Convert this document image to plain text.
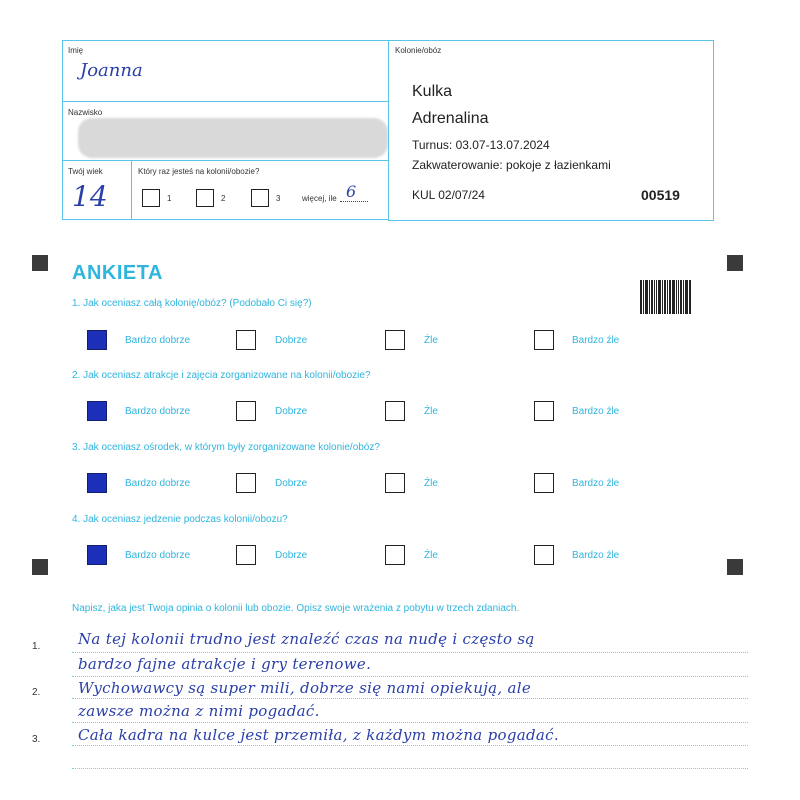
Imię
Joanna
Nazwisko
Twój wiek
14
Który raz jesteś na kolonii/obozie?
1	2	3	więcej, ile 6
Kolonie/obóz
Kulka
Adrenalina
Turnus: 03.07-13.07.2024
Zakwaterowanie: pokoje z łazienkami
KUL 02/07/24	00519
ANKIETA
1. Jak oceniasz całą kolonię/obóz? (Podobało Ci się?)
Bardzo dobrze	Dobrze	Źle	Bardzo źle
2. Jak oceniasz atrakcje i zajęcia zorganizowane na kolonii/obozie?
Bardzo dobrze	Dobrze	Źle	Bardzo źle
3. Jak oceniasz ośrodek, w którym były zorganizowane kolonie/obóz?
Bardzo dobrze	Dobrze	Źle	Bardzo źle
4. Jak oceniasz jedzenie podczas kolonii/obozu?
Bardzo dobrze	Dobrze	Źle	Bardzo źle
Napisz, jaka jest Twoja opinia o kolonii lub obozie. Opisz swoje wrażenia z pobytu w trzech zdaniach.
1.
2.
3.
Na tej kolonii trudno jest znaleźć czas na nudę i często są
bardzo fajne atrakcje i gry terenowe.
Wychowawcy są super mili, dobrze się nami opiekują, ale
zawsze można z nimi pogadać.
Cała kadra na kulce jest przemiła, z każdym można pogadać.
